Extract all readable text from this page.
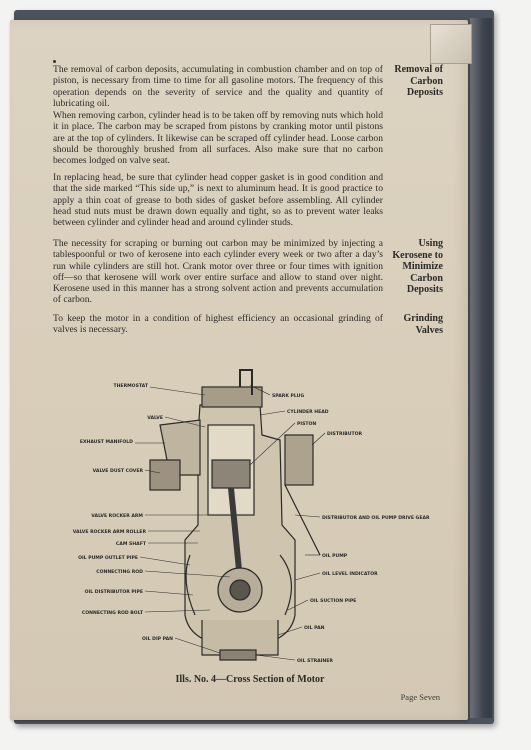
The removal of carbon deposits, accumulating in combustion chamber and on top of piston, is necessary from time to time for all gasoline motors. The frequency of this operation depends on the severity of service and the quality and quantity of lubricating oil.
Removal of Carbon Deposits
When removing carbon, cylinder head is to be taken off by removing nuts which hold it in place. The carbon may be scraped from pistons by cranking motor until pistons are at the top of cylinders. It likewise can be scraped off cylinder head. Loose carbon should be thoroughly brushed from all surfaces. Also make sure that no carbon becomes lodged on valve seat.
In replacing head, be sure that cylinder head copper gasket is in good condition and that the side marked “This side up,” is next to aluminum head. It is good practice to apply a thin coat of grease to both sides of gasket before assembling. All cylinder head stud nuts must be drawn down equally and tight, so as to prevent water leaks between cylinder and cylinder head and around cylinder studs.
The necessity for scraping or burning out carbon may be minimized by injecting a tablespoonful or two of kerosene into each cylinder every week or two after a day’s run while cylinders are still hot. Crank motor over three or four times with ignition off—so that kerosene will work over entire surface and allow to stand over night. Kerosene used in this manner has a strong solvent action and prevents accumulation of carbon.
Using Kerosene to Minimize Carbon Deposits
To keep the motor in a condition of highest efficiency an occasional grinding of valves is necessary.
Grinding Valves
THERMOSTAT
SPARK PLUG
CYLINDER HEAD
VALVE
PISTON
EXHAUST MANIFOLD
DISTRIBUTOR
VALVE DUST COVER
VALVE ROCKER ARM	DISTRIBUTOR AND OIL PUMP DRIVE GEAR
VALVE ROCKER ARM ROLLER
CAM SHAFT
OIL PUMP
OIL PUMP OUTLET PIPE
CONNECTING ROD	OIL LEVEL INDICATOR
OIL DISTRIBUTOR PIPE
OIL SUCTION PIPE
CONNECTING ROD BOLT
OIL PAN
OIL DIP PAN
OIL STRAINER
Ills. No. 4—Cross Section of Motor
Page Seven
